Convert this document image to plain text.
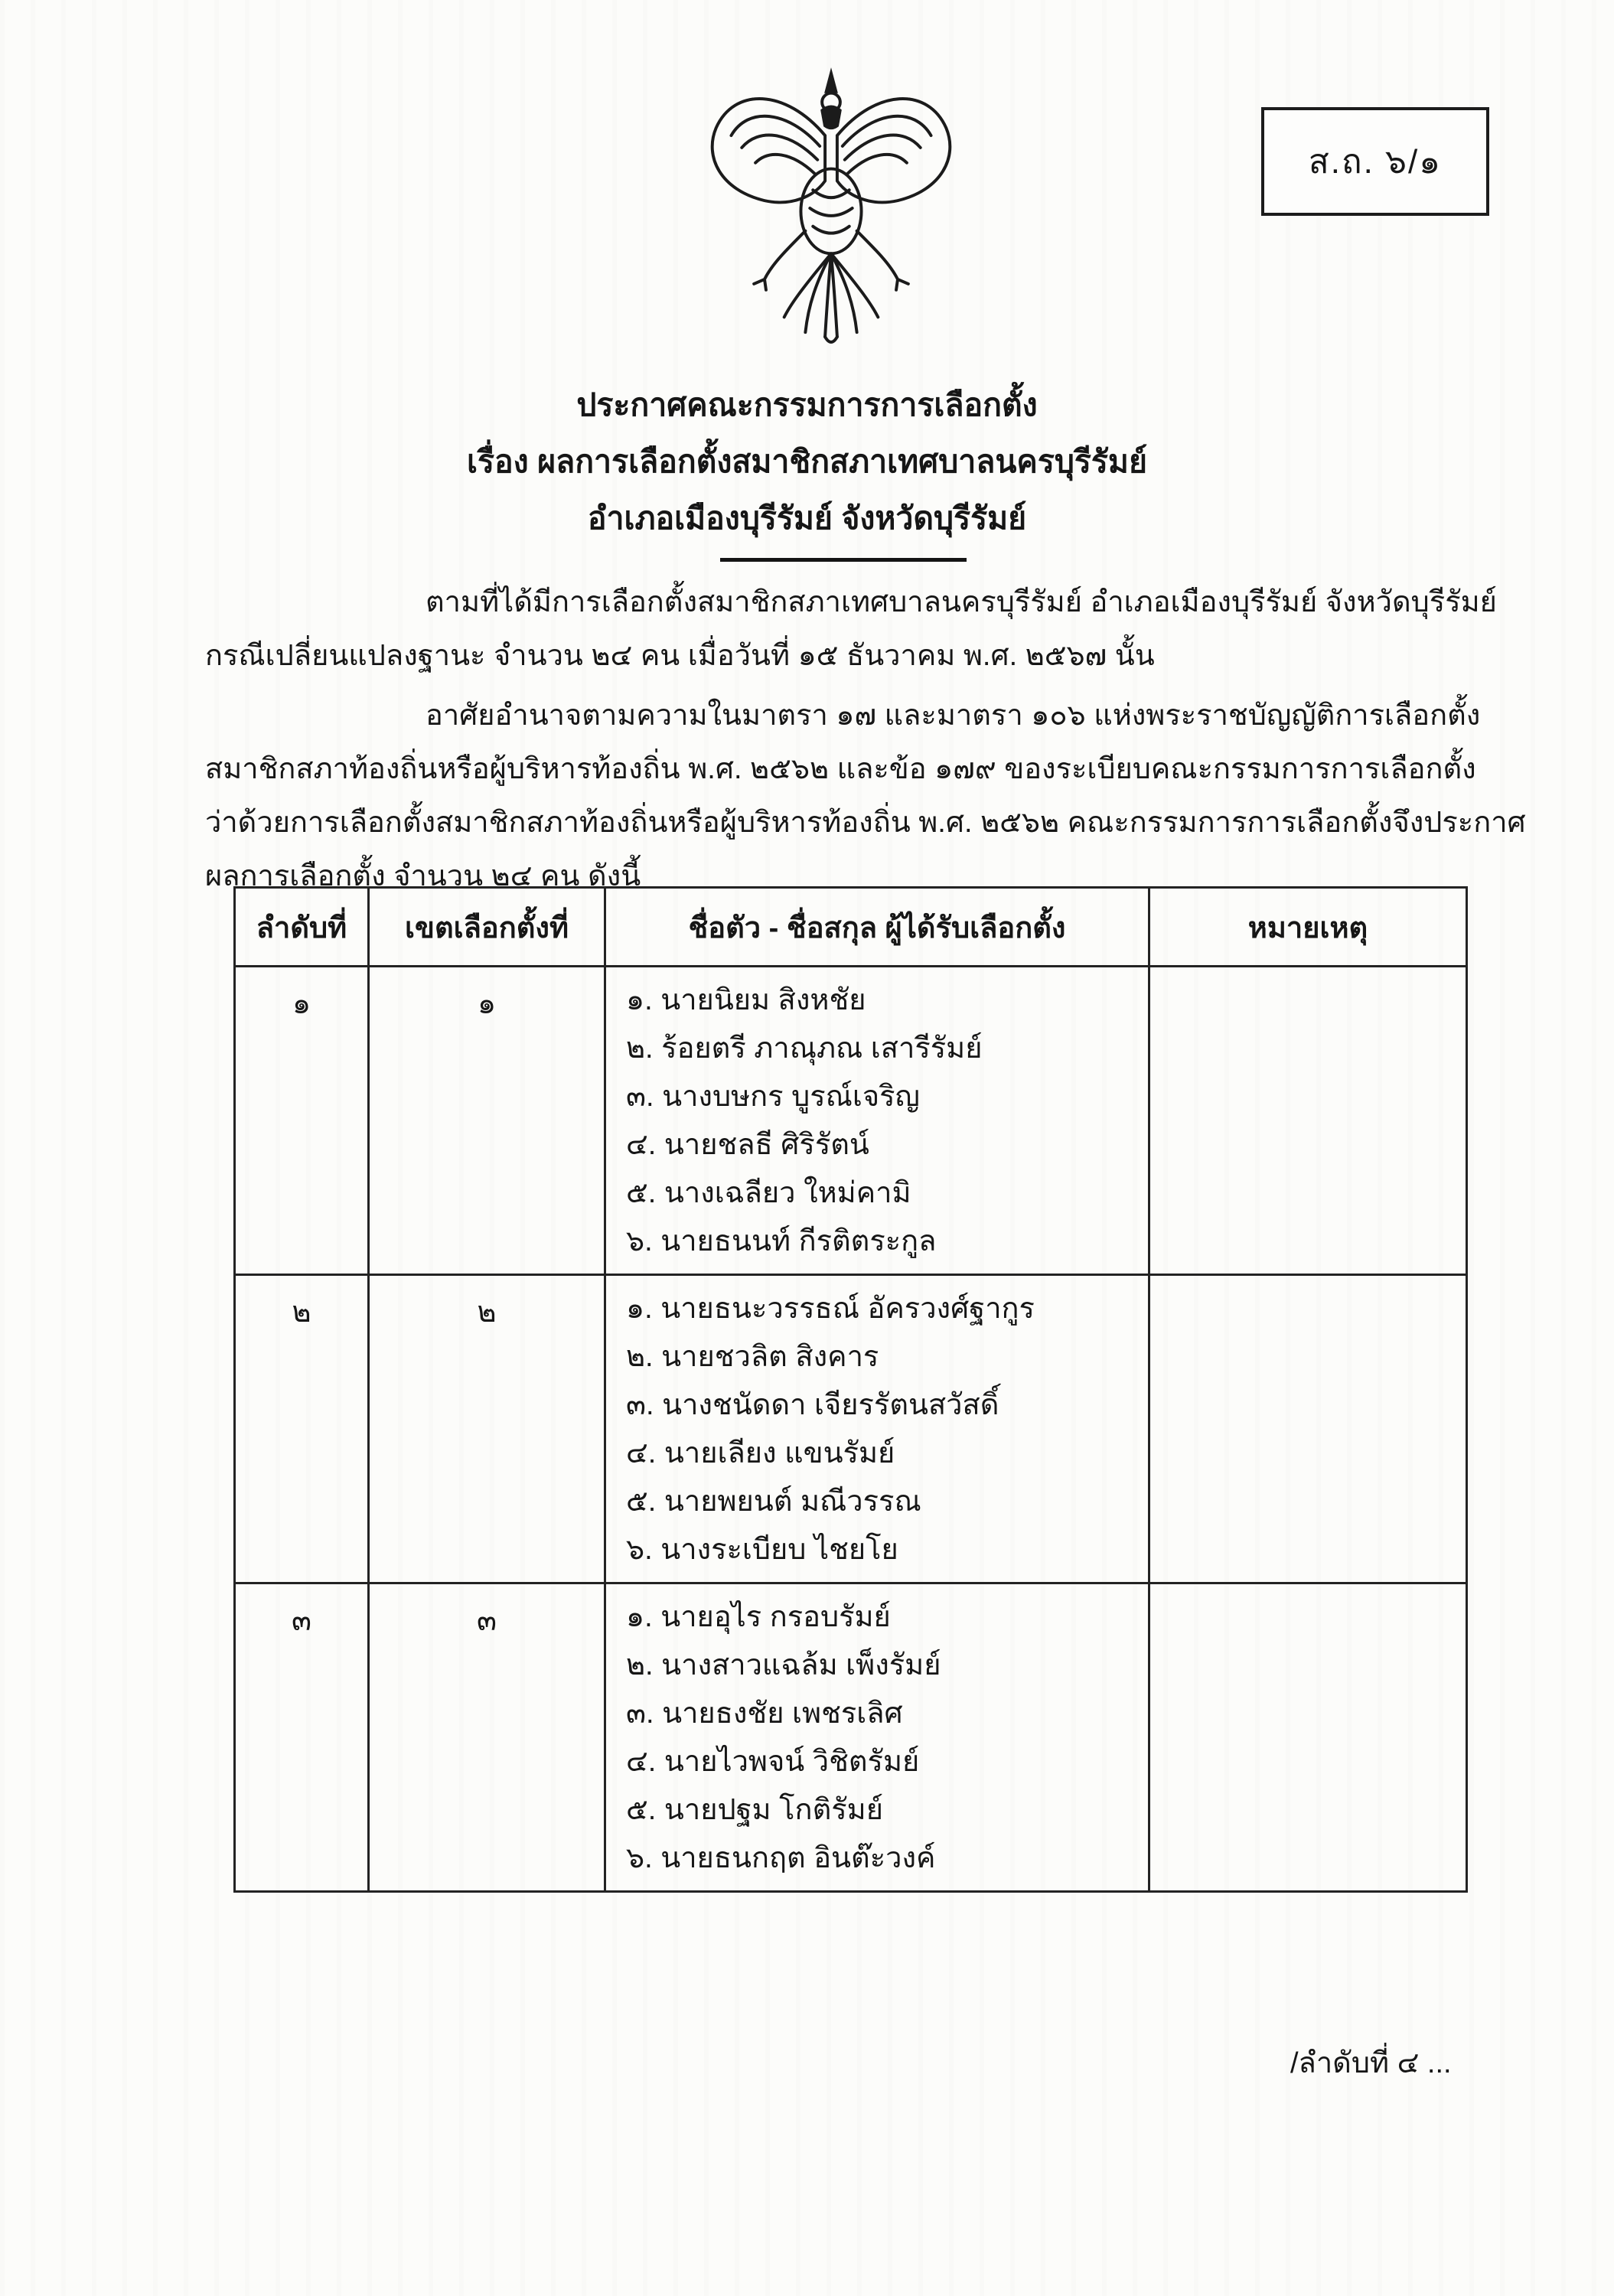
ส.ถ. ๖/๑
ประกาศคณะกรรมการการเลือกตั้ง
เรื่อง ผลการเลือกตั้งสมาชิกสภาเทศบาลนครบุรีรัมย์
อำเภอเมืองบุรีรัมย์ จังหวัดบุรีรัมย์
ตามที่ได้มีการเลือกตั้งสมาชิกสภาเทศบาลนครบุรีรัมย์ อำเภอเมืองบุรีรัมย์ จังหวัดบุรีรัมย์
กรณีเปลี่ยนแปลงฐานะ จำนวน ๒๔ คน เมื่อวันที่ ๑๕ ธันวาคม พ.ศ. ๒๕๖๗ นั้น
อาศัยอำนาจตามความในมาตรา ๑๗ และมาตรา ๑๐๖ แห่งพระราชบัญญัติการเลือกตั้ง
สมาชิกสภาท้องถิ่นหรือผู้บริหารท้องถิ่น พ.ศ. ๒๕๖๒ และข้อ ๑๗๙ ของระเบียบคณะกรรมการการเลือกตั้ง
ว่าด้วยการเลือกตั้งสมาชิกสภาท้องถิ่นหรือผู้บริหารท้องถิ่น พ.ศ. ๒๕๖๒ คณะกรรมการการเลือกตั้งจึงประกาศ
ผลการเลือกตั้ง จำนวน ๒๔ คน ดังนี้
ลำดับที่	เขตเลือกตั้งที่	ชื่อตัว - ชื่อสกุล ผู้ได้รับเลือกตั้ง	หมายเหตุ
๑	๑	๑. นายนิยม สิงหชัย
๒. ร้อยตรี ภาณุภณ เสารีรัมย์
๓. นางบษกร บูรณ์เจริญ
๔. นายชลธี ศิริรัตน์
๕. นางเฉลียว ใหม่คามิ
๖. นายธนนท์ กีรติตระกูล

๒	๒	๑. นายธนะวรรธณ์ อัครวงศ์ฐากูร
๒. นายชวลิต สิงคาร
๓. นางชนัดดา เจียรรัตนสวัสดิ์
๔. นายเลียง แขนรัมย์
๕. นายพยนต์ มณีวรรณ
๖. นางระเบียบ ไชยโย

๓	๓	๑. นายอุไร กรอบรัมย์
๒. นางสาวแฉล้ม เพ็งรัมย์
๓. นายธงชัย เพชรเลิศ
๔. นายไวพจน์ วิชิตรัมย์
๕. นายปฐม โกติรัมย์
๖. นายธนกฤต อินต๊ะวงค์

/ลำดับที่ ๔ ...
